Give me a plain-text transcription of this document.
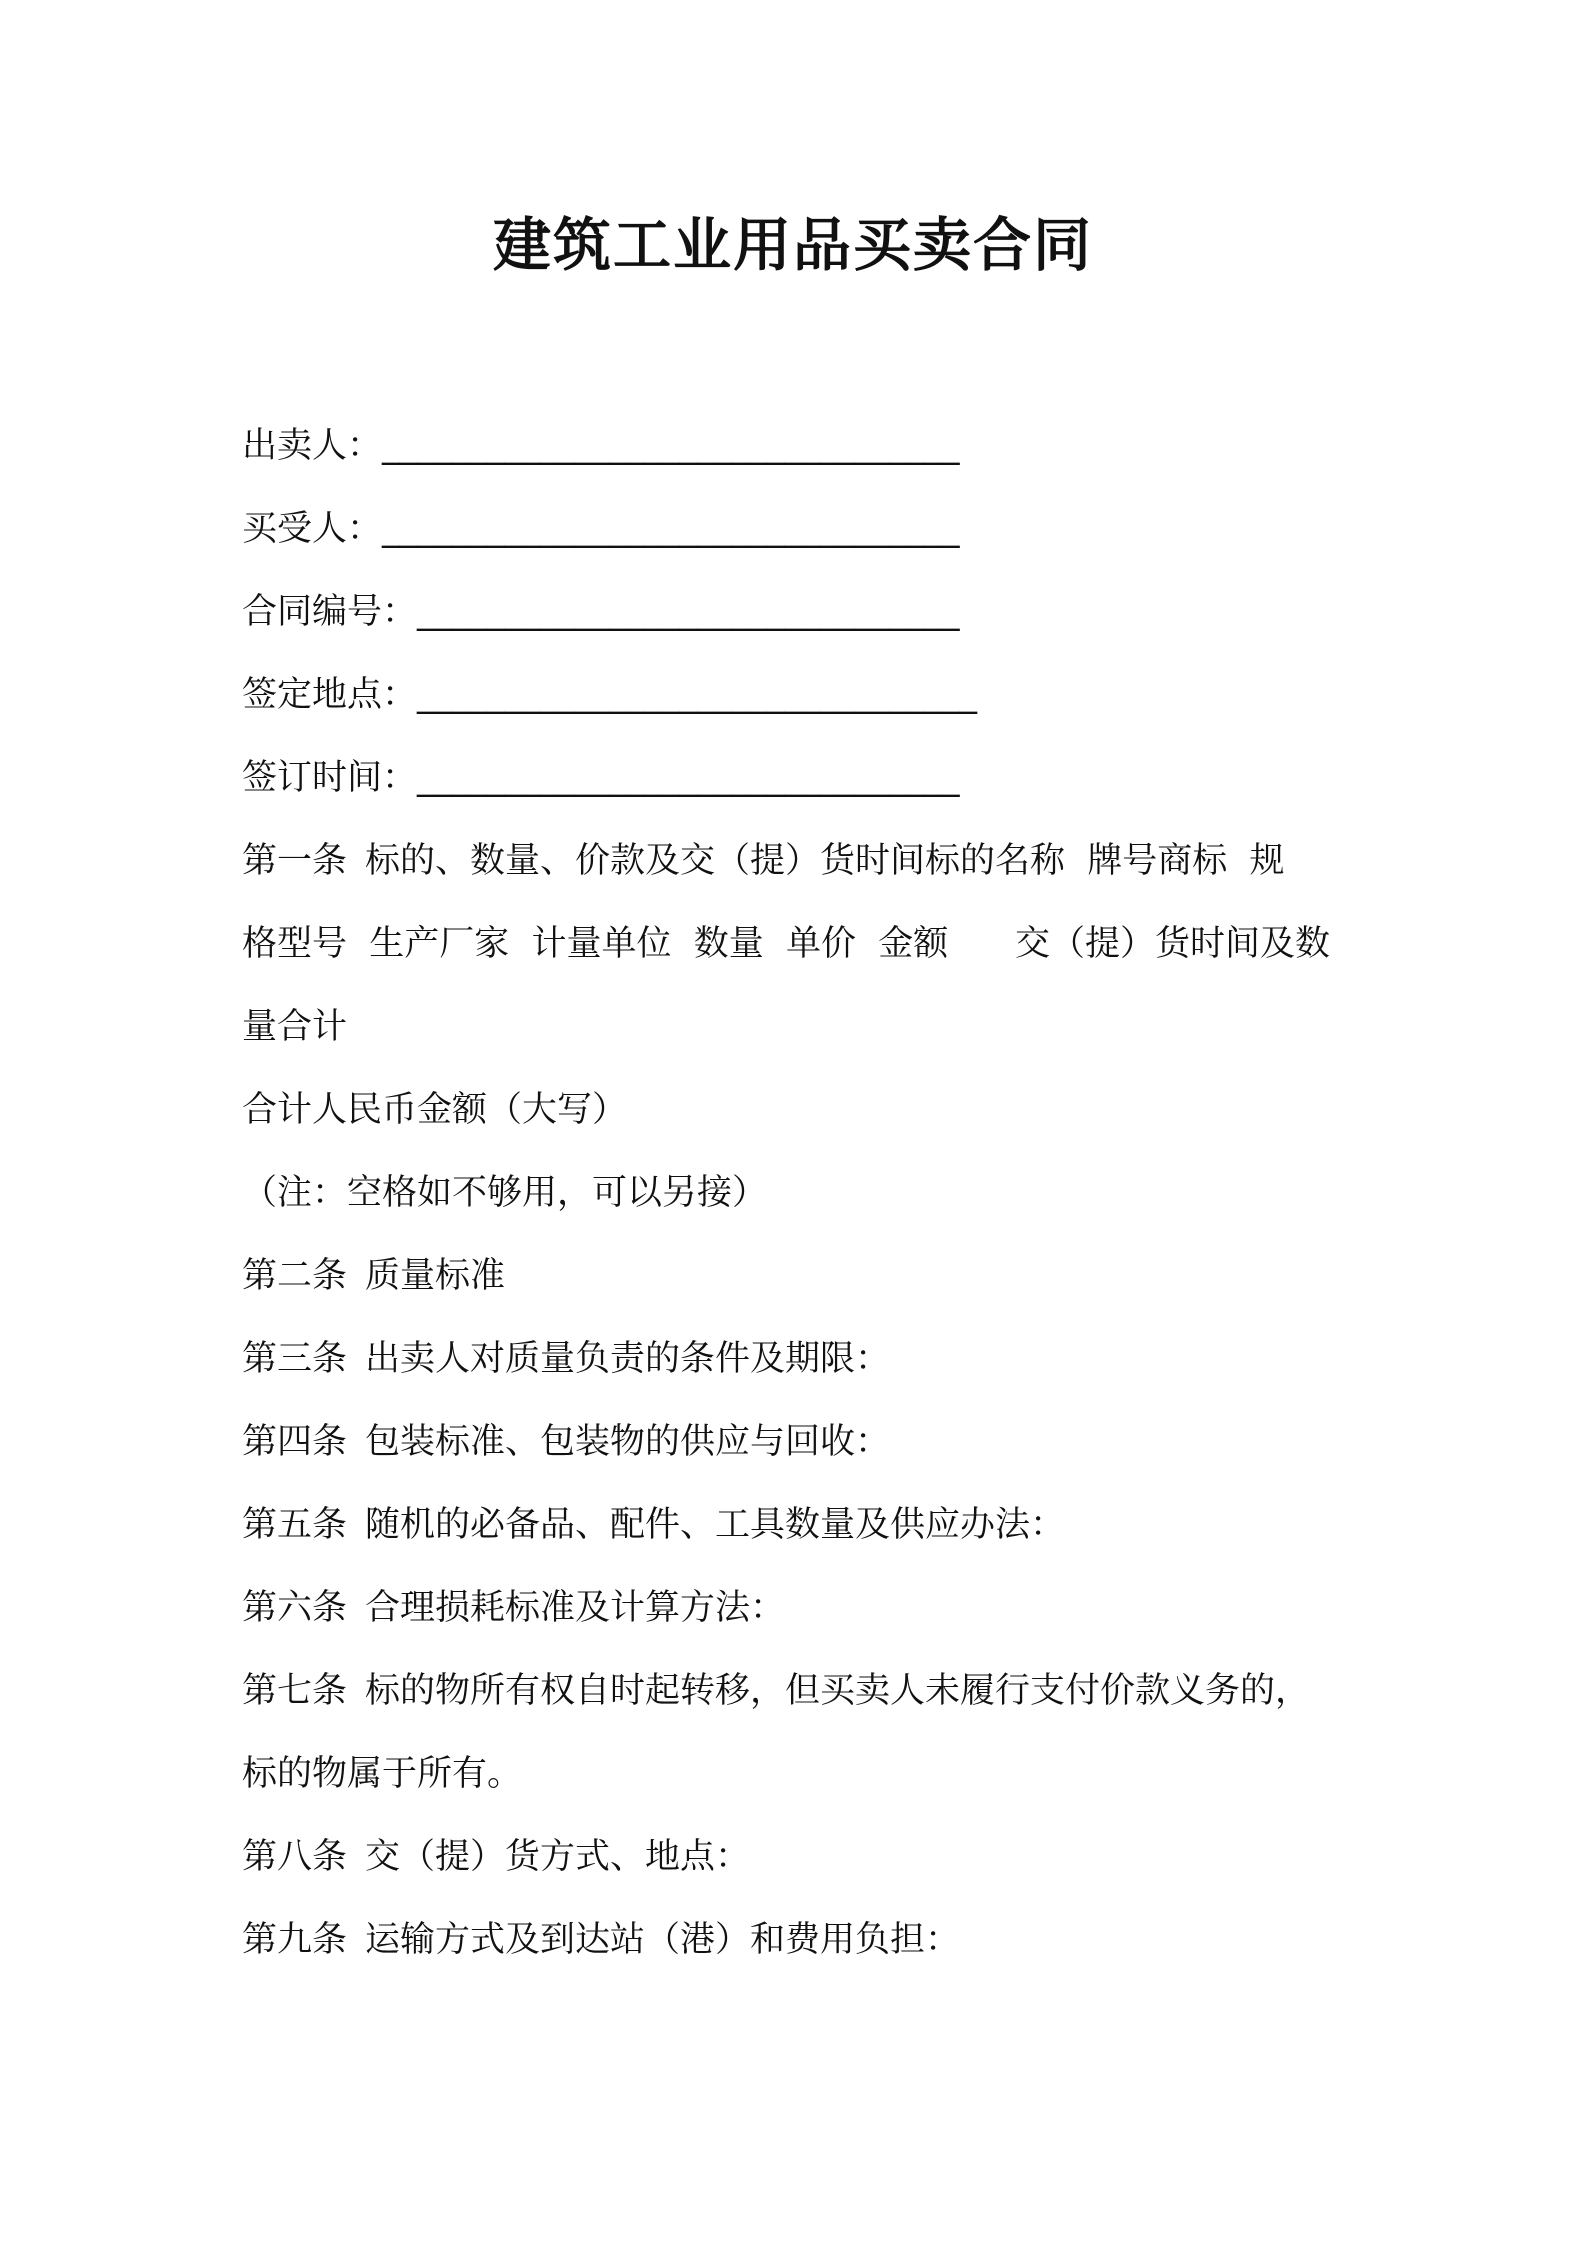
建筑工业用品买卖合同
出卖人：_________________________________
买受人：_________________________________
合同编号：_______________________________
签定地点：________________________________
签订时间：_______________________________
第一条 标的、数量、价款及交（提）货时间标的名称  牌号商标  规
格型号  生产厂家  计量单位  数量  单价  金额      交（提）货时间及数
量合计
合计人民币金额（大写）
（注：空格如不够用，可以另接）
第二条 质量标准
第三条 出卖人对质量负责的条件及期限：
第四条 包装标准、包装物的供应与回收：
第五条 随机的必备品、配件、工具数量及供应办法：
第六条 合理损耗标准及计算方法：
第七条 标的物所有权自时起转移，但买卖人未履行支付价款义务的，
标的物属于所有。
第八条 交（提）货方式、地点：
第九条 运输方式及到达站（港）和费用负担：
